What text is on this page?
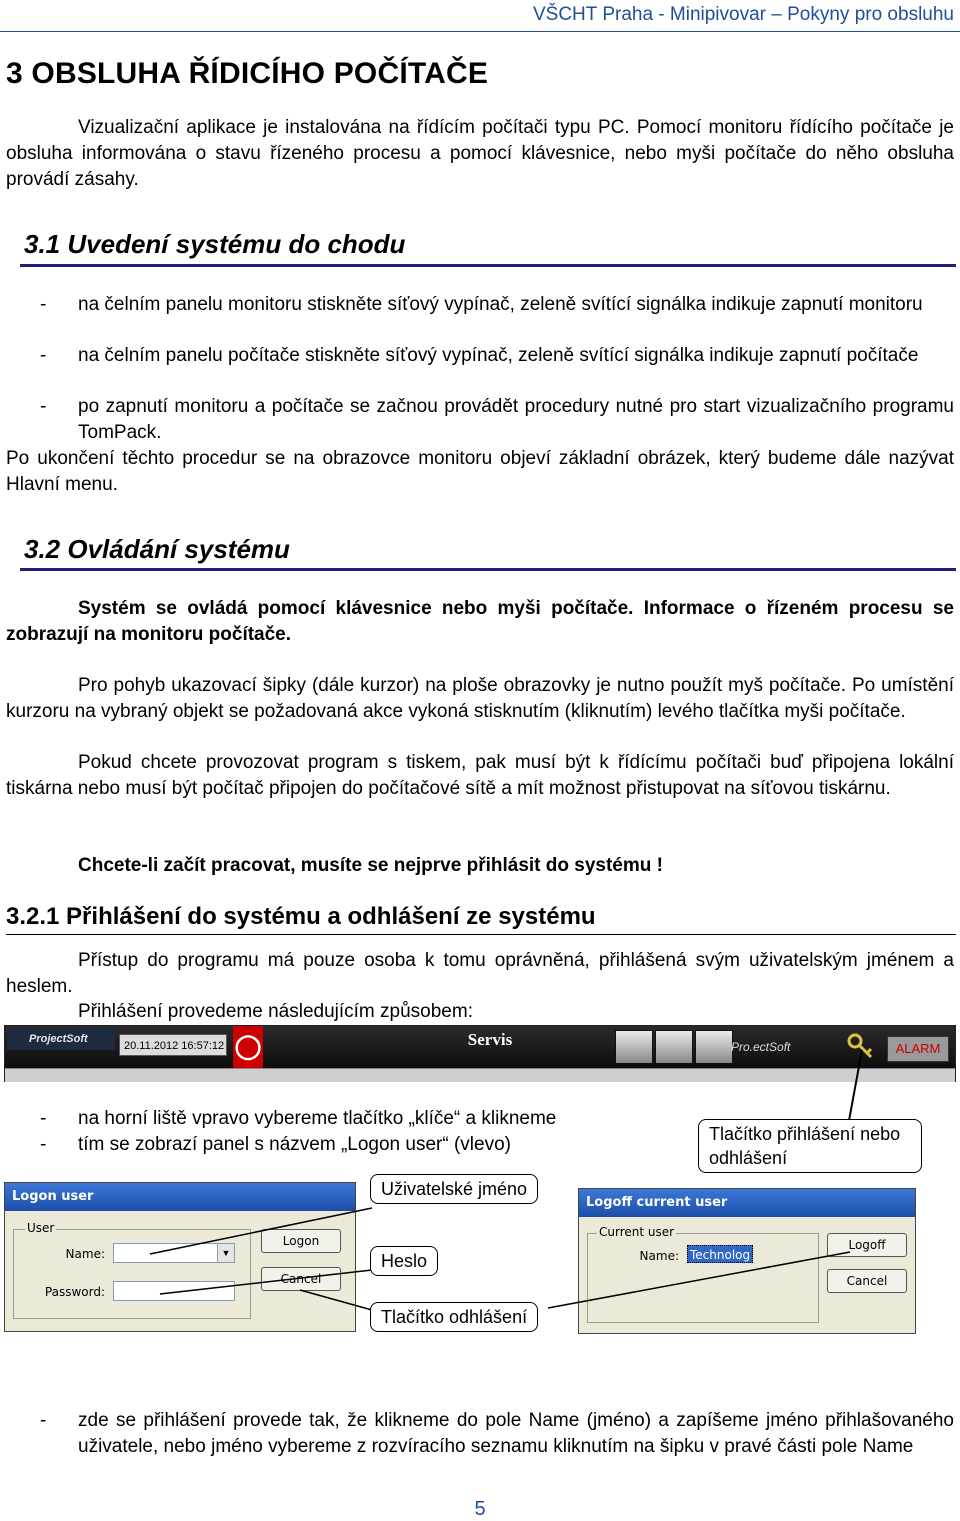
VŠCHT Praha - Minipivovar – Pokyny pro obsluhu
3 OBSLUHA ŘÍDICÍHO POČÍTAČE
Vizualizační aplikace je instalována na řídícím počítači typu PC. Pomocí monitoru řídícího počítače je obsluha informována o stavu řízeného procesu a pomocí klávesnice, nebo myši počítače do něho obsluha provádí zásahy.
3.1 Uvedení systému do chodu
- na čelním panelu monitoru stiskněte síťový vypínač, zeleně svítící signálka indikuje zapnutí monitoru
- na čelním panelu počítače stiskněte síťový vypínač, zeleně svítící signálka indikuje zapnutí počítače
- po zapnutí monitoru a počítače se začnou provádět procedury nutné pro start vizualizačního programu TomPack.
Po ukončení těchto procedur se na obrazovce monitoru objeví základní obrázek, který budeme dále nazývat Hlavní menu.
3.2 Ovládání systému
Systém se ovládá pomocí klávesnice nebo myši počítače. Informace o řízeném procesu se zobrazují na monitoru počítače.
Pro pohyb ukazovací šipky (dále kurzor) na ploše obrazovky je nutno použít myš počítače. Po umístění kurzoru na vybraný objekt se požadovaná akce vykoná stisknutím (kliknutím) levého tlačítka myši počítače.
Pokud chcete provozovat program s tiskem, pak musí být k řídícímu počítači buď připojena lokální tiskárna nebo musí být počítač připojen do počítačové sítě a mít možnost přistupovat na síťovou tiskárnu.
Chcete-li začít pracovat, musíte se nejprve přihlásit do systému !
3.2.1 Přihlášení do systému a odhlášení ze systému
Přístup do programu má pouze osoba k tomu oprávněná, přihlášená svým uživatelským jménem a heslem.
Přihlášení provedeme následujícím způsobem:
ProjectSoft
20.11.2012 16:57:12 ◯	Servis	Pro.ectSoft	ALARM
- na horní liště vpravo vybereme tlačítko „klíče“ a klikneme
- tím se zobrazí panel s názvem „Logon user“ (vlevo)
Logon user
User
Name:	▼
Password:
Logon
Cancel
Logoff current user
Current user
Name: Technolog
Logoff
Cancel
Tlačítko přihlášení nebo odhlášení
Uživatelské jméno
Heslo
Tlačítko odhlášení
- zde se přihlášení provede tak, že klikneme do pole Name (jméno) a zapíšeme jméno přihlašovaného uživatele, nebo jméno vybereme z rozvíracího seznamu kliknutím na šipku v pravé části pole Name
5
